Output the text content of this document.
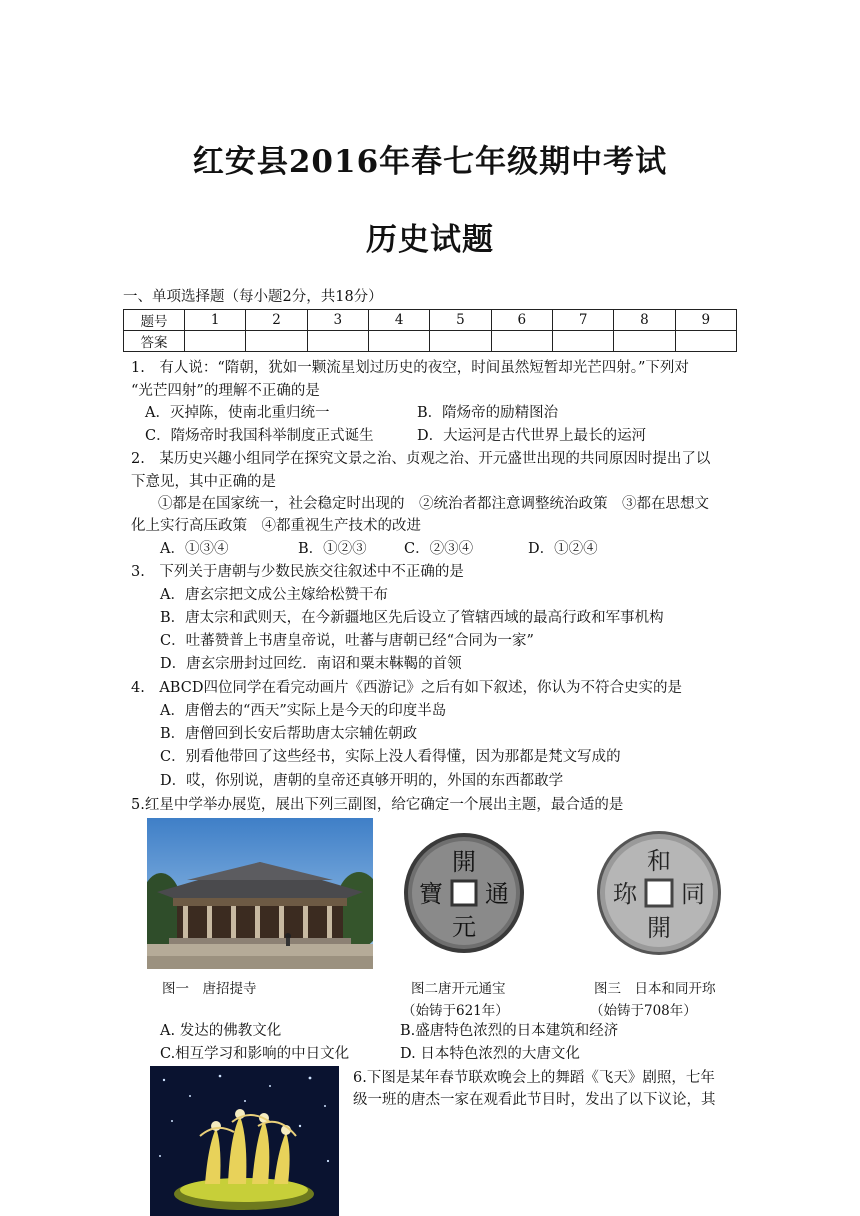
红安县2016年春七年级期中考试
历史试题
一、单项选择题（每小题2分，共18分）
题号	1	2	3	4	5	6	7	8	9
答案									
1.　有人说：“隋朝，犹如一颗流星划过历史的夜空，时间虽然短暂却光芒四射。”下列对
“光芒四射”的理解不正确的是
A．灭掉陈，使南北重归统一	B．隋炀帝的励精图治
C．隋炀帝时我国科举制度正式诞生	D．大运河是古代世界上最长的运河
2.　某历史兴趣小组同学在探究文景之治、贞观之治、开元盛世出现的共同原因时提出了以
下意见，其中正确的是
①都是在国家统一，社会稳定时出现的　②统治者都注意调整统治政策　③都在思想文
化上实行高压政策　④都重视生产技术的改进
A．①③④	B．①②③	C．②③④	D．①②④
3.　下列关于唐朝与少数民族交往叙述中不正确的是
A．唐玄宗把文成公主嫁给松赞干布
B．唐太宗和武则天，在今新疆地区先后设立了管辖西域的最高行政和军事机构
C．吐蕃赞普上书唐皇帝说，吐蕃与唐朝已经“合同为一家”
D．唐玄宗册封过回纥．南诏和粟末靺鞨的首领
4.　ABCD四位同学在看完动画片《西游记》之后有如下叙述，你认为不符合史实的是
A．唐僧去的“西天”实际上是今天的印度半岛
B．唐僧回到长安后帮助唐太宗辅佐朝政
C．别看他带回了这些经书，实际上没人看得懂，因为那都是梵文写成的
D．哎，你别说，唐朝的皇帝还真够开明的，外国的东西都敢学
5.红星中学举办展览，展出下列三副图，给它确定一个展出主题，最合适的是
開
元
寶 通
和
開
珎 同
图一　唐招提寺	图二唐开元通宝	图三　日本和同开珎
（始铸于621年）	（始铸于708年）
A. 发达的佛教文化	B.盛唐特色浓烈的日本建筑和经济
C.相互学习和影响的中日文化	D. 日本特色浓烈的大唐文化
6.下图是某年春节联欢晚会上的舞蹈《飞天》剧照，七年
级一班的唐杰一家在观看此节目时，发出了以下议论，其
